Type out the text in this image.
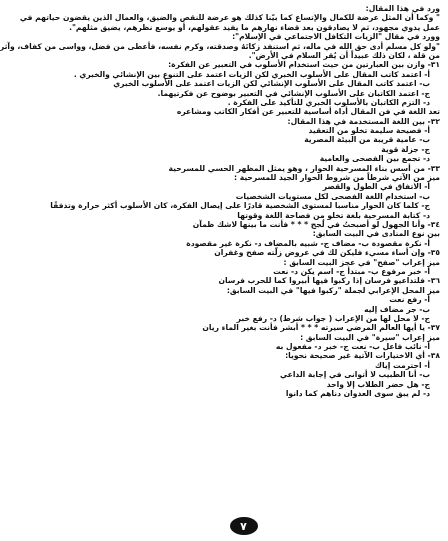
ورد في هذا المقال:
" وكما أن المثل عرضة للكمال والإتساع كما بيّنا كذلك هو عرضة للنقص والضيق، والعمال الذين يقضون حياتهم في
عمل يدوي مجهود، ثم لا يصادقون بعد قضاء نهارهم ما يفيد عقولهم، أو يوسع نظرهم، يضيق مثلهم".
وورد في مقال "الزيات التكافل الاجتماعي في الإسلام":
"ولو كل مسلم أدى حق الله في ماله، ثم استنفد زكاتَهُ وصدقته، وكرم نفسه، فأعطى من فضل، وواسى من كفاف، وآثر
من قلة ، لكان ذلك عبيداً أن يُقر السلام في الأرض".
٣١- وازن بين العبارتين من حيث استخدام الأسلوب في التعبير عن الفكرة:
أ- اعتمد كاتب المقال على الأسلوب الخبري لكن الزيات اعتمد على التنوع بين الإنشائي والخبري .
ب- اعتمد كاتب المقال على الأسلوب الإنشائي لكن الزيات اعتمد على الأسلوب الخبري
ج- اعتمد الكاتبان على الأسلوب الإنشائي في التعبير بوضوح عن فكرتيهما.
د- التزم الكاتبان بالأسلوب الخبري للتأكيد على الفكرة .
تعد اللغة في فن المقال أداة أساسية للتعبير عن أفكار الكاتب ومشاعره
٣٢- بين اللغة المستخدمة في هذا المقال:
أ- فصيحة سليمة تخلو من التعقيد
ب- عامية قريبة من البيئة المصرية
ج- جزلة قوية
د- تجمع بين الفصحى والعامية
٣٣- من أسس بناء المسرحية الحوار ، وهو يمثل المظهر الحسي للمسرحية
ميز من الآتي شرطاً من شروط الحوار الجيد للمسرحية :
أ- الاتفاق في الطول والقصر
ب- استخدام اللغة الفصحى لكل مستويات الشخصيات
ج- كلما كان الحوار مناسبا لمستوى الشخصية قادرًا على إيصال الفكرة، كان الأسلوب أكثر حرارة وتدفقًا
د- كتابة المسرحية بلغة تخلو من فصاحة اللغة وقوتها
٣٤- وأنا الجهول لو أصبحتُ في لُجج * * * فأنت ما بينها لاشك ظمآن
بين نوع المنادى في البيت السابق:
أ- نكرة مقصودة ب- مضاف ج- شبيه بالمضاف د- نكرة غير مقصودة
٣٥- وإن أساء مسيء فليكن لك في عروض زلّته صفح وغفران
ميز إعراب "صفح" في عجز البيت السابق :
أ- خبر مرفوع ب- مبتدأ ج- اسم يكن د- نعت
٣٦- فلتداعيو فرسان إذا ركبوا فيها أبيروا كما للحرب فرسان
ميز المحل الإعرابي لجملة "ركبوا فيها" في البيت السابق:
أ- رفع نعت
ب- جر مضاف إليه
ج- لا محل لها من الإعراب ( جواب شرط) د- رفع خبر
٣٧- يا أيها العالم المرضي سيرته * * * أبشر فأنت بغير الماء ريان
ميز إعراب "سيرة" في البيت السابق :
أ- نائب فاعل ب- نعت ج- خبر د- مفعول به
٣٨- أي الاختيارات الآتية غير صحيحة نحويا:
أ- احترمت إياك
ب- أنا الطبيب لا أتوانى في إجابة الداعي
ج- هل حضر الطلاب إلا واحد
د- لم يبق سوى العدوان دناهم كما دانوا
٧
